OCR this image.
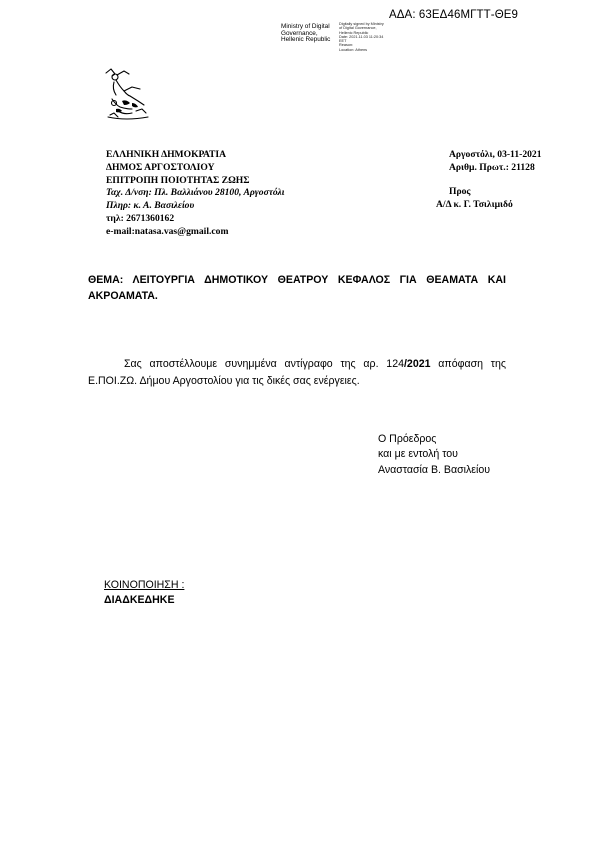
ΑΔΑ: 63ΕΔ46ΜΓΤΤ-ΘΕ9
Ministry of Digital
Governance,
Hellenic Republic
Digitally signed by Ministry
of Digital Governance,
Hellenic Republic
Date: 2021.11.03 11:20:34
EET
Reason:
Location: Athens
ΕΛΛΗΝΙΚΗ ΔΗΜΟΚΡΑΤΙΑ
ΔΗΜΟΣ ΑΡΓΟΣΤΟΛΙΟΥ
ΕΠΙΤΡΟΠΗ ΠΟΙΟΤΗΤΑΣ ΖΩΗΣ
Ταχ. Δ/νση: Πλ. Βαλλιάνου 28100, Αργοστόλι
Πληρ: κ. Α. Βασιλείου
τηλ: 2671360162
e-mail:natasa.vas@gmail.com
Αργοστόλι, 03-11-2021
Αριθμ. Πρωτ.: 21128
Προς
Α/Δ κ. Γ. Τσιλιμιδό
ΘΕΜΑ: ΛΕΙΤΟΥΡΓΙΑ ΔΗΜΟΤΙΚΟΥ ΘΕΑΤΡΟΥ ΚΕΦΑΛΟΣ ΓΙΑ ΘΕΑΜΑΤΑ ΚΑΙ ΑΚΡΟΑΜΑΤΑ.
Σας αποστέλλουμε συνημμένα αντίγραφο της αρ. 124/2021 απόφαση της
Ε.ΠΟΙ.ΖΩ. Δήμου Αργοστολίου για τις δικές σας ενέργειες.
Ο Πρόεδρος
και με εντολή του
Αναστασία Β. Βασιλείου
ΚΟΙΝΟΠΟΙΗΣΗ :
ΔΙΑΔΚΕΔΗΚΕ
